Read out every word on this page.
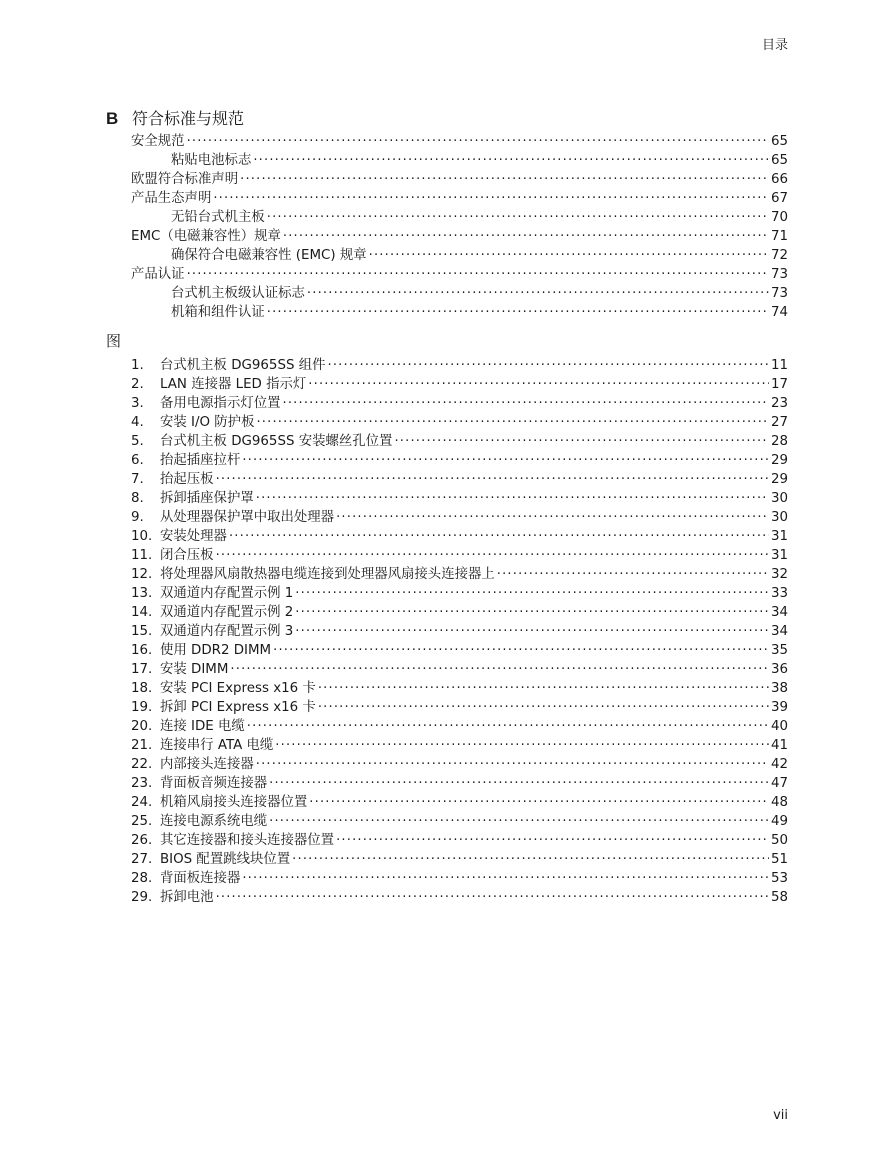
目录
B 符合标准与规范
安全规范 .....	65
粘贴电池标志 .....	65
欧盟符合标准声明 .....	66
产品生态声明 .....	67
无铅台式机主板 .....	70
EMC（电磁兼容性）规章 .....	71
确保符合电磁兼容性 (EMC) 规章 .....	72
产品认证 .....	73
台式机主板级认证标志 .....	73
机箱和组件认证 .....	74
图
1. 台式机主板 DG965SS 组件 .....	11
2. LAN 连接器 LED 指示灯 .....	17
3. 备用电源指示灯位置 .....	23
4. 安装 I/O 防护板 .....	27
5. 台式机主板 DG965SS 安装螺丝孔位置 .....	28
6. 抬起插座拉杆 .....	29
7. 抬起压板 .....	29
8. 拆卸插座保护罩 .....	30
9. 从处理器保护罩中取出处理器 .....	30
10. 安装处理器 .....	31
11. 闭合压板 .....	31
12. 将处理器风扇散热器电缆连接到处理器风扇接头连接器上 .....	32
13. 双通道内存配置示例 1 .....	33
14. 双通道内存配置示例 2 .....	34
15. 双通道内存配置示例 3 .....	34
16. 使用 DDR2 DIMM .....	35
17. 安装 DIMM .....	36
18. 安装 PCI Express x16 卡 .....	38
19. 拆卸 PCI Express x16 卡 .....	39
20. 连接 IDE 电缆 .....	40
21. 连接串行 ATA 电缆 .....	41
22. 内部接头连接器 .....	42
23. 背面板音频连接器 .....	47
24. 机箱风扇接头连接器位置 .....	48
25. 连接电源系统电缆 .....	49
26. 其它连接器和接头连接器位置 .....	50
27. BIOS 配置跳线块位置 .....	51
28. 背面板连接器 .....	53
29. 拆卸电池 .....	58
vii
